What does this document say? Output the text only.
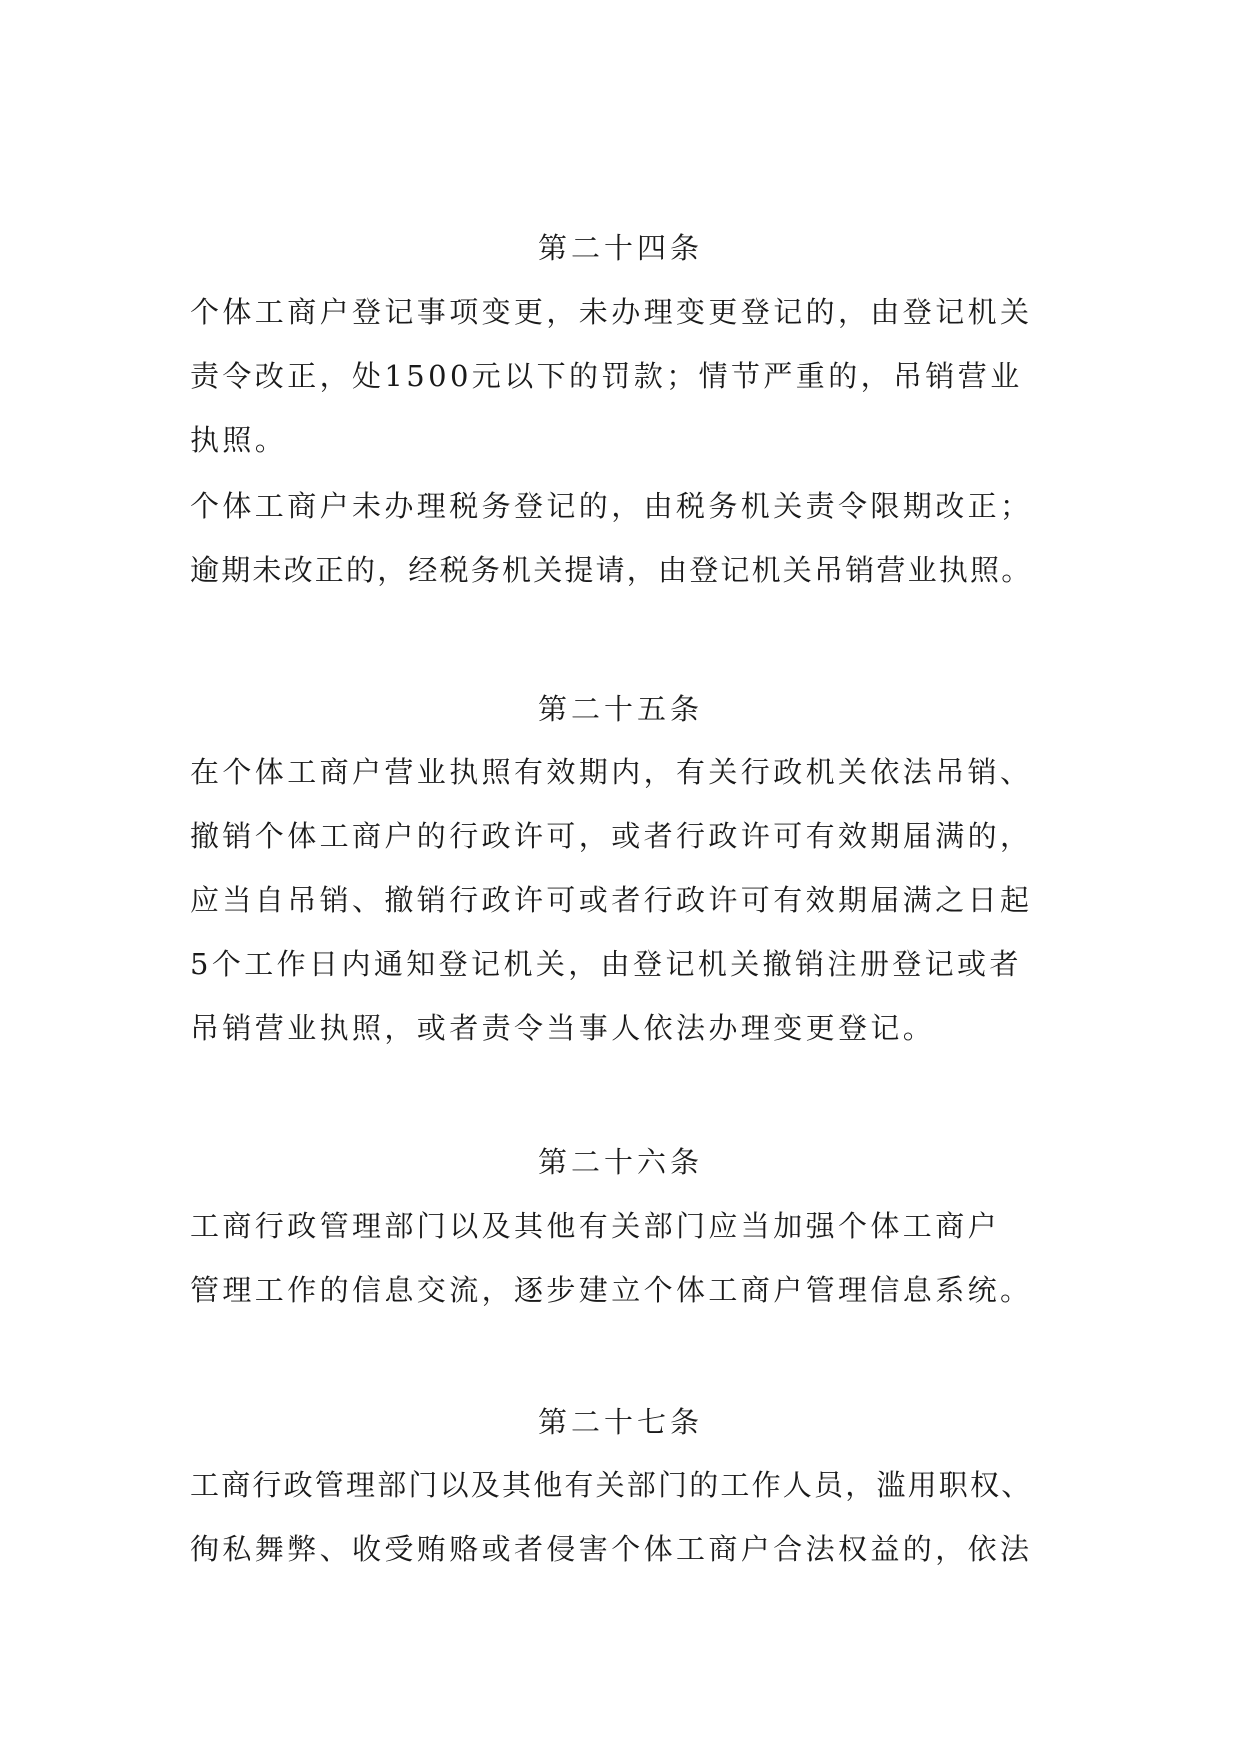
第二十四条
个体工商户登记事项变更，未办理变更登记的，由登记机关
责令改正，处1500元以下的罚款；情节严重的，吊销营业
执照。
个体工商户未办理税务登记的，由税务机关责令限期改正；
逾期未改正的，经税务机关提请，由登记机关吊销营业执照。
第二十五条
在个体工商户营业执照有效期内，有关行政机关依法吊销、
撤销个体工商户的行政许可，或者行政许可有效期届满的，
应当自吊销、撤销行政许可或者行政许可有效期届满之日起
5个工作日内通知登记机关，由登记机关撤销注册登记或者
吊销营业执照，或者责令当事人依法办理变更登记。
第二十六条
工商行政管理部门以及其他有关部门应当加强个体工商户
管理工作的信息交流，逐步建立个体工商户管理信息系统。
第二十七条
工商行政管理部门以及其他有关部门的工作人员，滥用职权、
徇私舞弊、收受贿赂或者侵害个体工商户合法权益的，依法
